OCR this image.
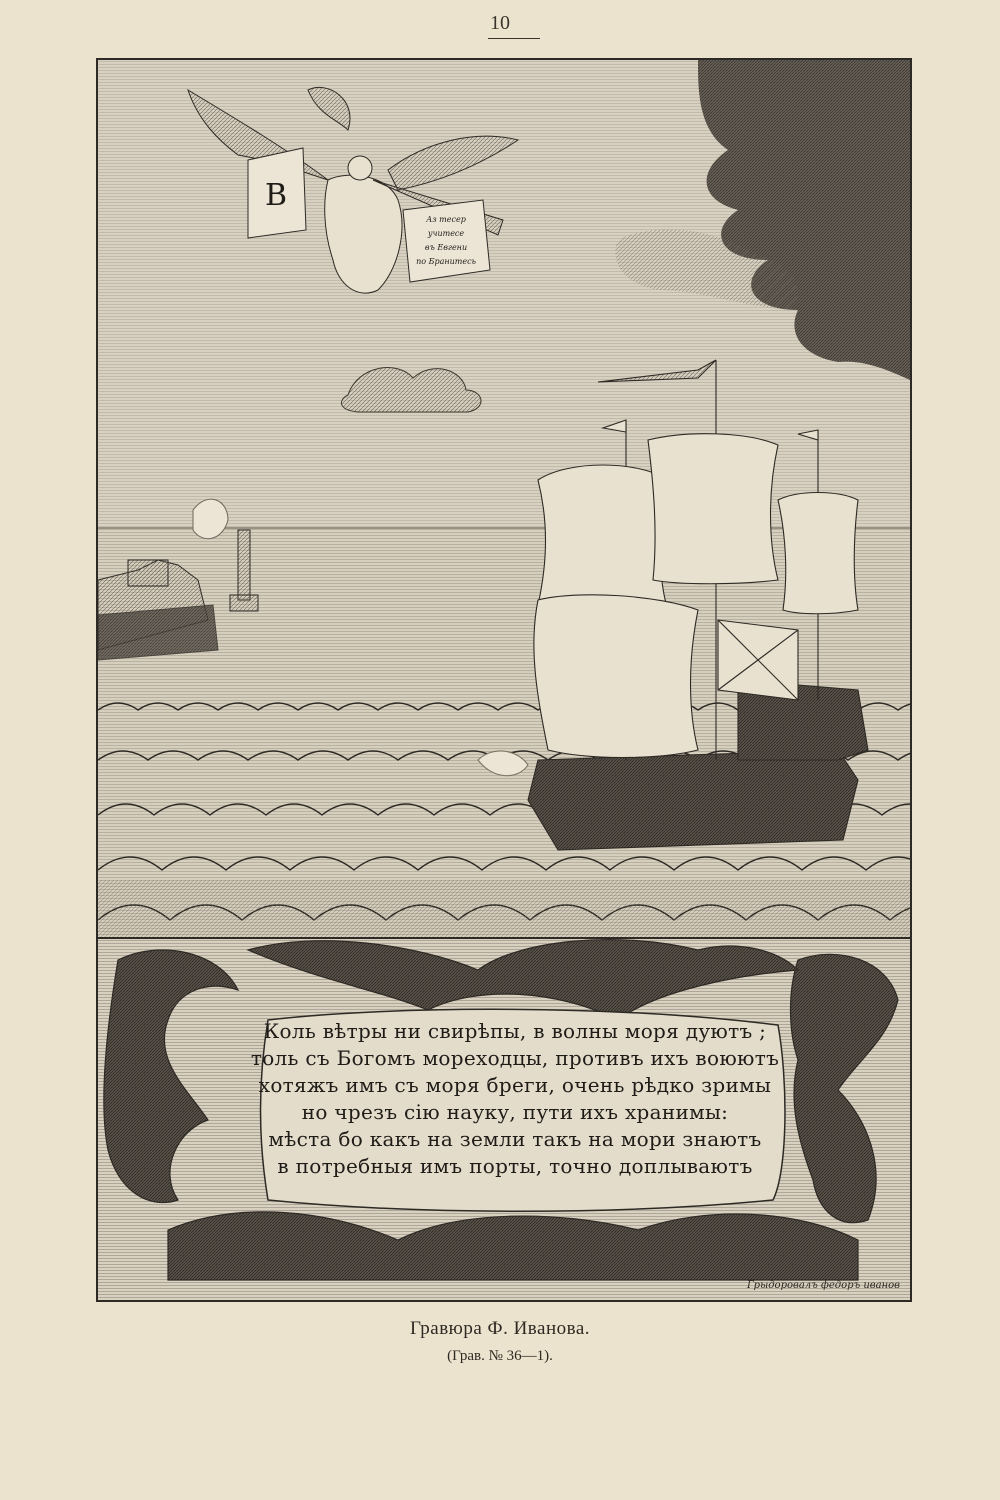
10
В
Аз тесер
учитесе
въ Евгени
по Бранитесь
Коль вѣтры ни свирѣпы, в волны моря дуютъ ;
толь съ Богомъ мореходцы, противъ ихъ воюютъ
хотяжъ имъ съ моря бреги, очень рѣдко зримы
но чрезъ сію науку, пути ихъ хранимы:
мѣста бо какъ на земли такъ на мори знаютъ
в потребныя имъ порты, точно доплываютъ
Грыдоровалъ федоръ иванов
Гравюра Ф. Иванова.
(Грав. № 36—1).
